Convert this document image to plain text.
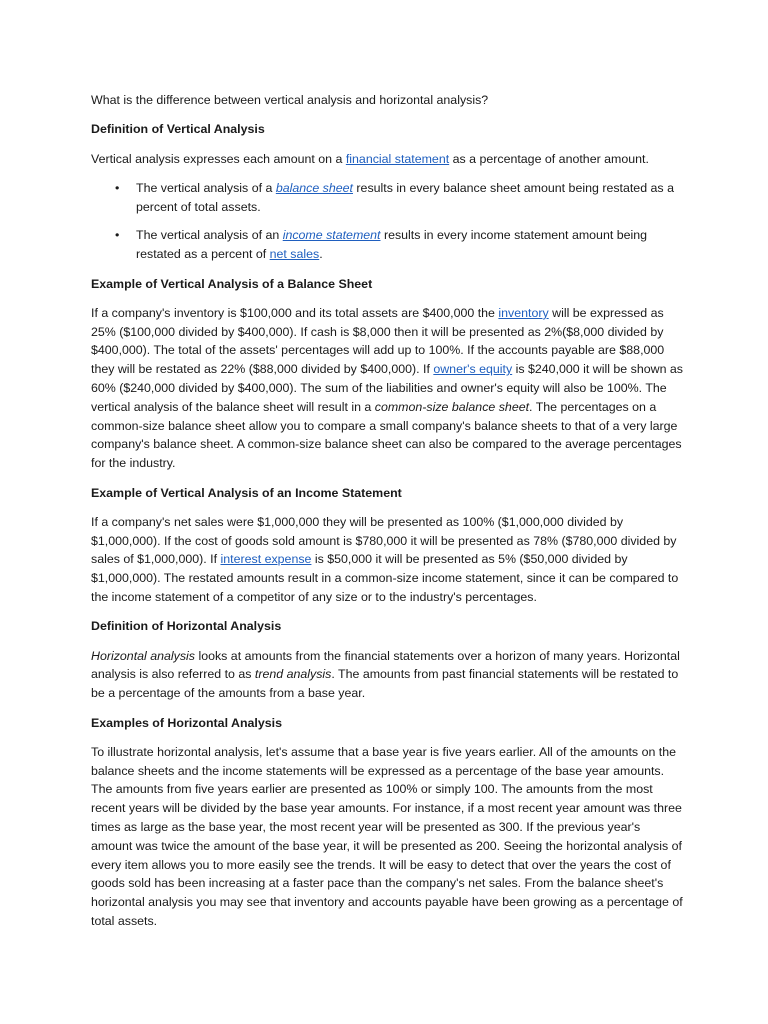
What is the difference between vertical analysis and horizontal analysis?

Definition of Vertical Analysis

Vertical analysis expresses each amount on a financial statement as a percentage of another amount.

• The vertical analysis of a balance sheet results in every balance sheet amount being restated as a percent of total assets.
• The vertical analysis of an income statement results in every income statement amount being restated as a percent of net sales.

Example of Vertical Analysis of a Balance Sheet

If a company's inventory is $100,000 and its total assets are $400,000 the inventory will be expressed as 25% ($100,000 divided by $400,000). If cash is $8,000 then it will be presented as 2%($8,000 divided by $400,000). The total of the assets' percentages will add up to 100%. If the accounts payable are $88,000 they will be restated as 22% ($88,000 divided by $400,000). If owner's equity is $240,000 it will be shown as 60% ($240,000 divided by $400,000). The sum of the liabilities and owner's equity will also be 100%. The vertical analysis of the balance sheet will result in a common-size balance sheet. The percentages on a common-size balance sheet allow you to compare a small company's balance sheets to that of a very large company's balance sheet. A common-size balance sheet can also be compared to the average percentages for the industry.

Example of Vertical Analysis of an Income Statement

If a company's net sales were $1,000,000 they will be presented as 100% ($1,000,000 divided by $1,000,000). If the cost of goods sold amount is $780,000 it will be presented as 78% ($780,000 divided by sales of $1,000,000). If interest expense is $50,000 it will be presented as 5% ($50,000 divided by $1,000,000). The restated amounts result in a common-size income statement, since it can be compared to the income statement of a competitor of any size or to the industry's percentages.

Definition of Horizontal Analysis

Horizontal analysis looks at amounts from the financial statements over a horizon of many years. Horizontal analysis is also referred to as trend analysis. The amounts from past financial statements will be restated to be a percentage of the amounts from a base year.

Examples of Horizontal Analysis

To illustrate horizontal analysis, let's assume that a base year is five years earlier. All of the amounts on the balance sheets and the income statements will be expressed as a percentage of the base year amounts. The amounts from five years earlier are presented as 100% or simply 100. The amounts from the most recent years will be divided by the base year amounts. For instance, if a most recent year amount was three times as large as the base year, the most recent year will be presented as 300. If the previous year's amount was twice the amount of the base year, it will be presented as 200. Seeing the horizontal analysis of every item allows you to more easily see the trends. It will be easy to detect that over the years the cost of goods sold has been increasing at a faster pace than the company's net sales. From the balance sheet's horizontal analysis you may see that inventory and accounts payable have been growing as a percentage of total assets.
